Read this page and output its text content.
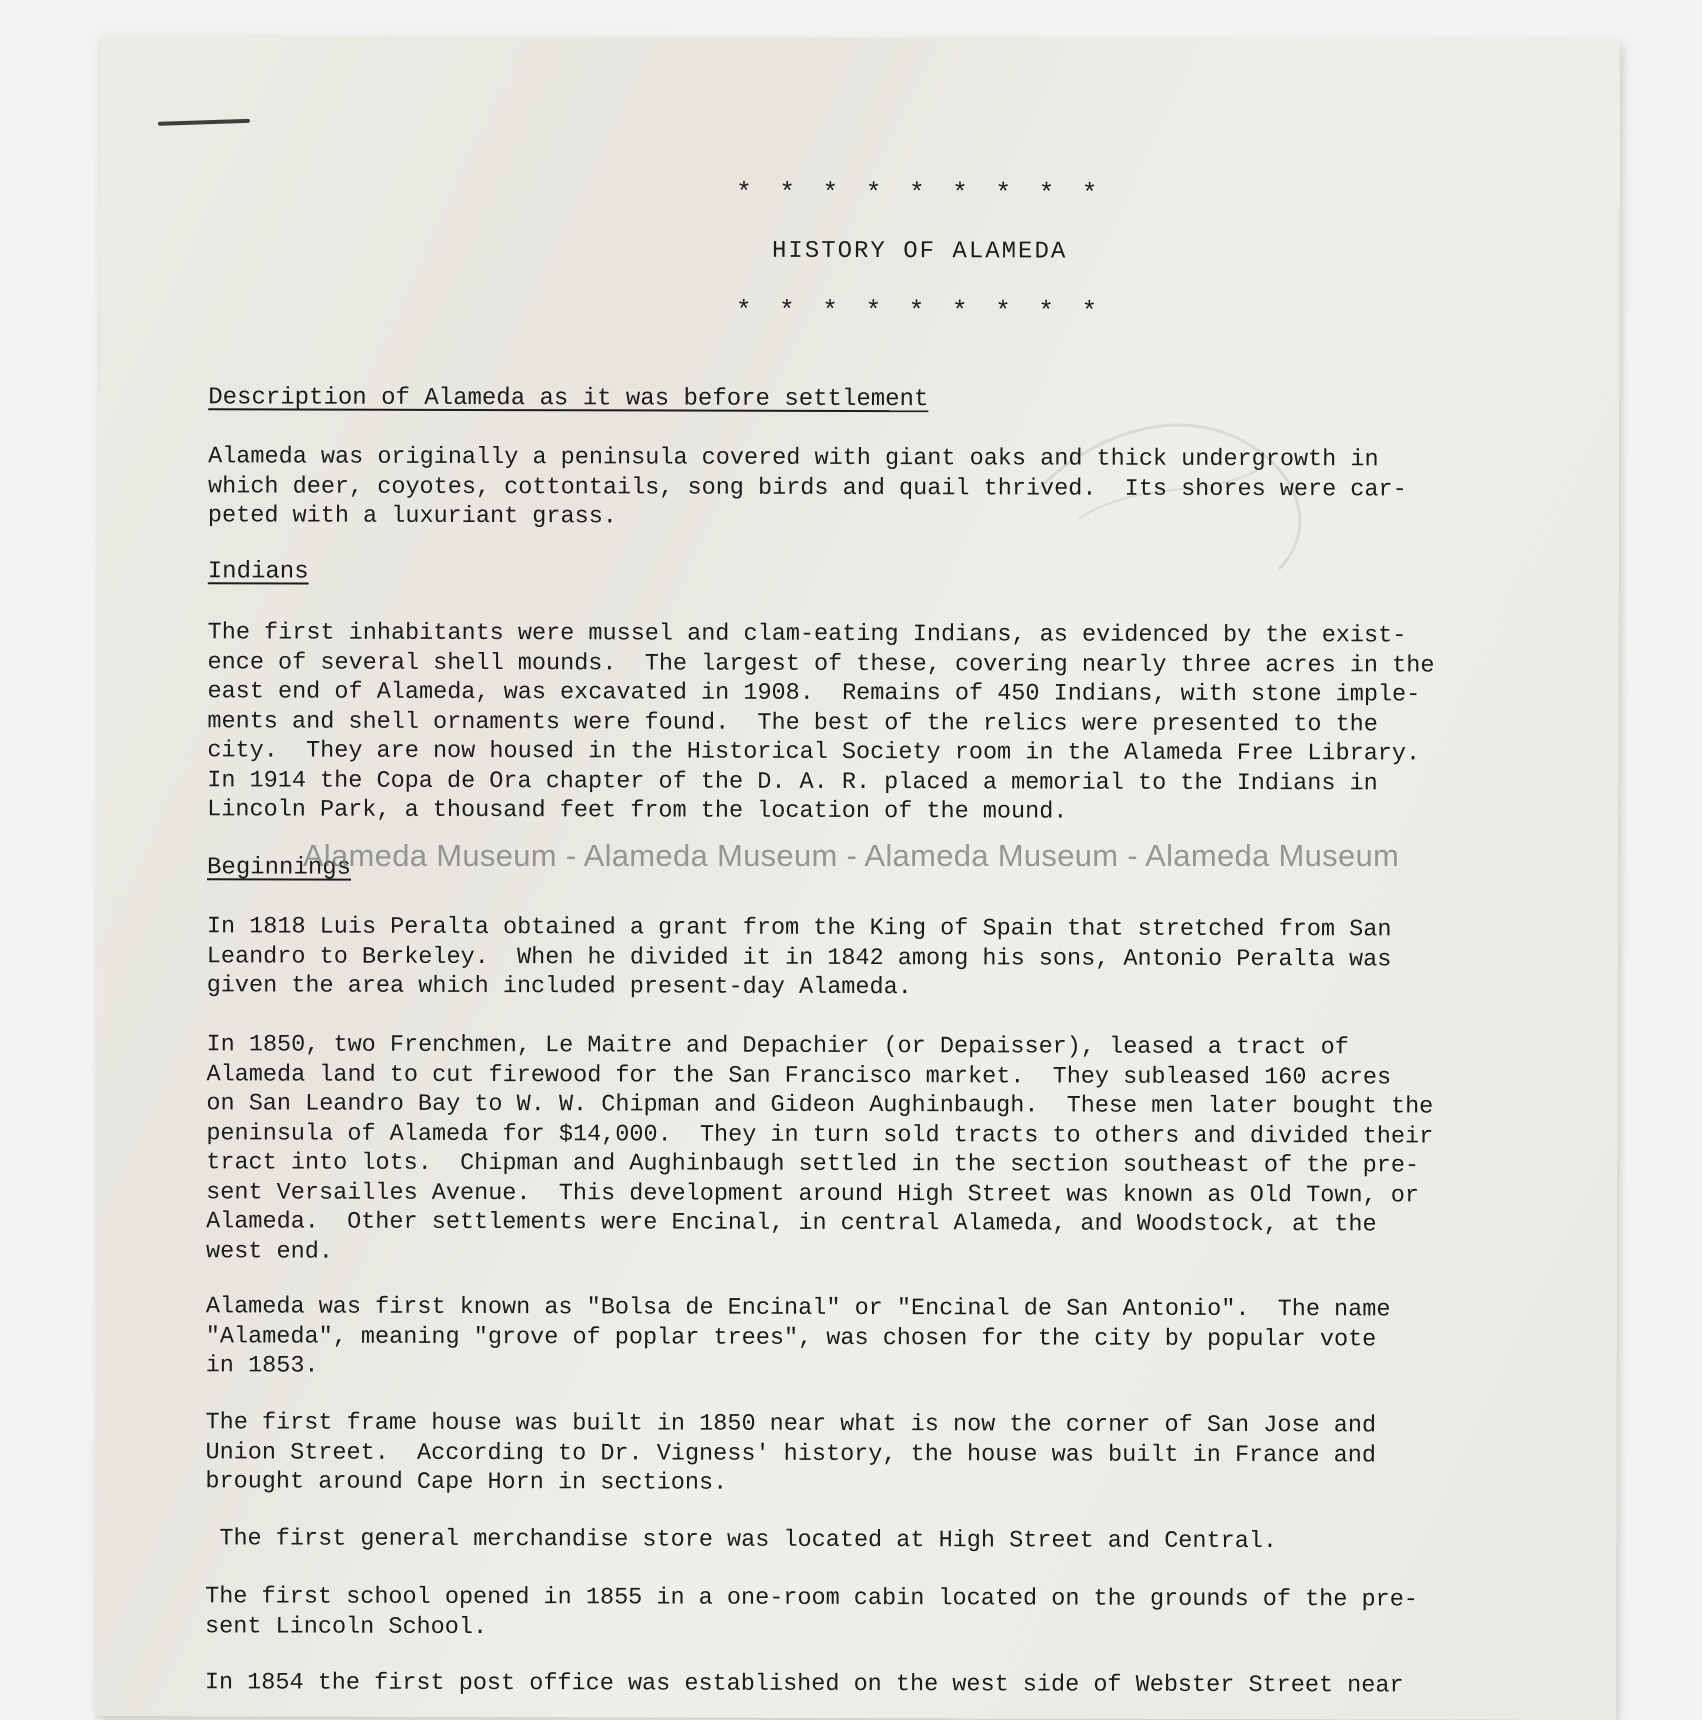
* * * * * * * * *
HISTORY OF ALAMEDA
* * * * * * * * *
Description of Alameda as it was before settlement
Alameda was originally a peninsula covered with giant oaks and thick undergrowth in
which deer, coyotes, cottontails, song birds and quail thrived.  Its shores were car-
peted with a luxuriant grass.
Indians
The first inhabitants were mussel and clam-eating Indians, as evidenced by the exist-
ence of several shell mounds.  The largest of these, covering nearly three acres in the
east end of Alameda, was excavated in 1908.  Remains of 450 Indians, with stone imple-
ments and shell ornaments were found.  The best of the relics were presented to the
city.  They are now housed in the Historical Society room in the Alameda Free Library.
In 1914 the Copa de Ora chapter of the D. A. R. placed a memorial to the Indians in
Lincoln Park, a thousand feet from the location of the mound.
Beginnings
In 1818 Luis Peralta obtained a grant from the King of Spain that stretched from San
Leandro to Berkeley.  When he divided it in 1842 among his sons, Antonio Peralta was
given the area which included present-day Alameda.
In 1850, two Frenchmen, Le Maitre and Depachier (or Depaisser), leased a tract of
Alameda land to cut firewood for the San Francisco market.  They subleased 160 acres
on San Leandro Bay to W. W. Chipman and Gideon Aughinbaugh.  These men later bought the
peninsula of Alameda for $14,000.  They in turn sold tracts to others and divided their
tract into lots.  Chipman and Aughinbaugh settled in the section southeast of the pre-
sent Versailles Avenue.  This development around High Street was known as Old Town, or
Alameda.  Other settlements were Encinal, in central Alameda, and Woodstock, at the
west end.
Alameda was first known as "Bolsa de Encinal" or "Encinal de San Antonio".  The name
"Alameda", meaning "grove of poplar trees", was chosen for the city by popular vote
in 1853.
The first frame house was built in 1850 near what is now the corner of San Jose and
Union Street.  According to Dr. Vigness' history, the house was built in France and
brought around Cape Horn in sections.
The first general merchandise store was located at High Street and Central.
The first school opened in 1855 in a one-room cabin located on the grounds of the pre-
sent Lincoln School.
In 1854 the first post office was established on the west side of Webster Street near
Alameda Museum - Alameda Museum - Alameda Museum - Alameda Museum
